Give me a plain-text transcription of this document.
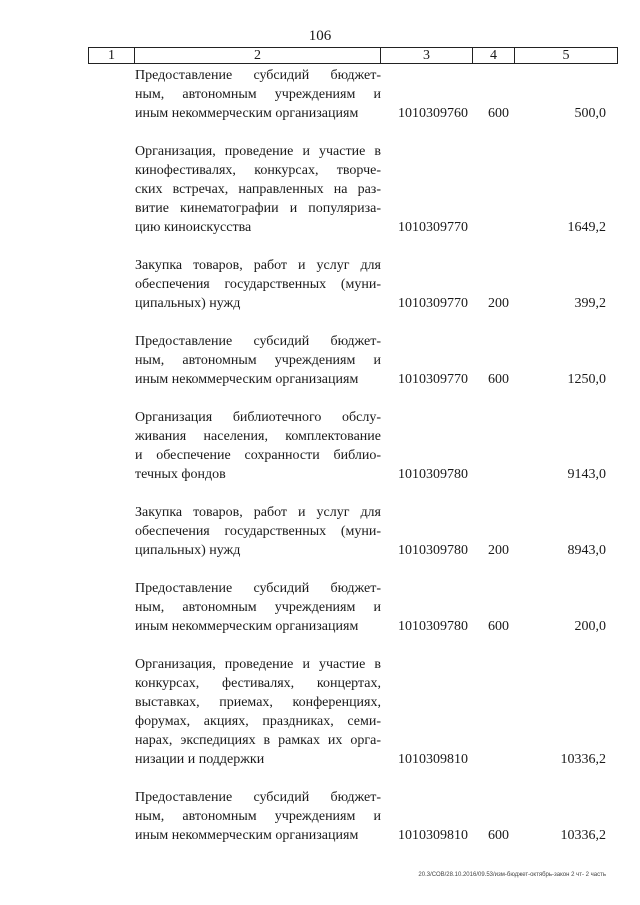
106
1	2	3	4	5
Предоставление субсидий бюджет-
ным, автономным учреждениям и
иным некоммерческим организациям	1010309760 600	500,0
Организация, проведение и участие в
кинофестивалях, конкурсах, творче-
ских встречах, направленных на раз-
витие кинематографии и популяриза-
цию киноискусства	1010309770	1649,2
Закупка товаров, работ и услуг для
обеспечения государственных (муни-
ципальных) нужд	1010309770 200	399,2
Предоставление субсидий бюджет-
ным, автономным учреждениям и
иным некоммерческим организациям	1010309770 600	1250,0
Организация библиотечного обслу-
живания населения, комплектование
и обеспечение сохранности библио-
течных фондов	1010309780	9143,0
Закупка товаров, работ и услуг для
обеспечения государственных (муни-
ципальных) нужд	1010309780 200	8943,0
Предоставление субсидий бюджет-
ным, автономным учреждениям и
иным некоммерческим организациям	1010309780 600	200,0
Организация, проведение и участие в
конкурсах, фестивалях, концертах,
выставках, приемах, конференциях,
форумах, акциях, праздниках, семи-
нарах, экспедициях в рамках их орга-
низации и поддержки	1010309810	10336,2
Предоставление субсидий бюджет-
ным, автономным учреждениям и
иным некоммерческим организациям	1010309810 600	10336,2
20.3/СОВ/28.10.2016/09.53/изм-бюджет-октябрь-закон 2 чт- 2 часть
